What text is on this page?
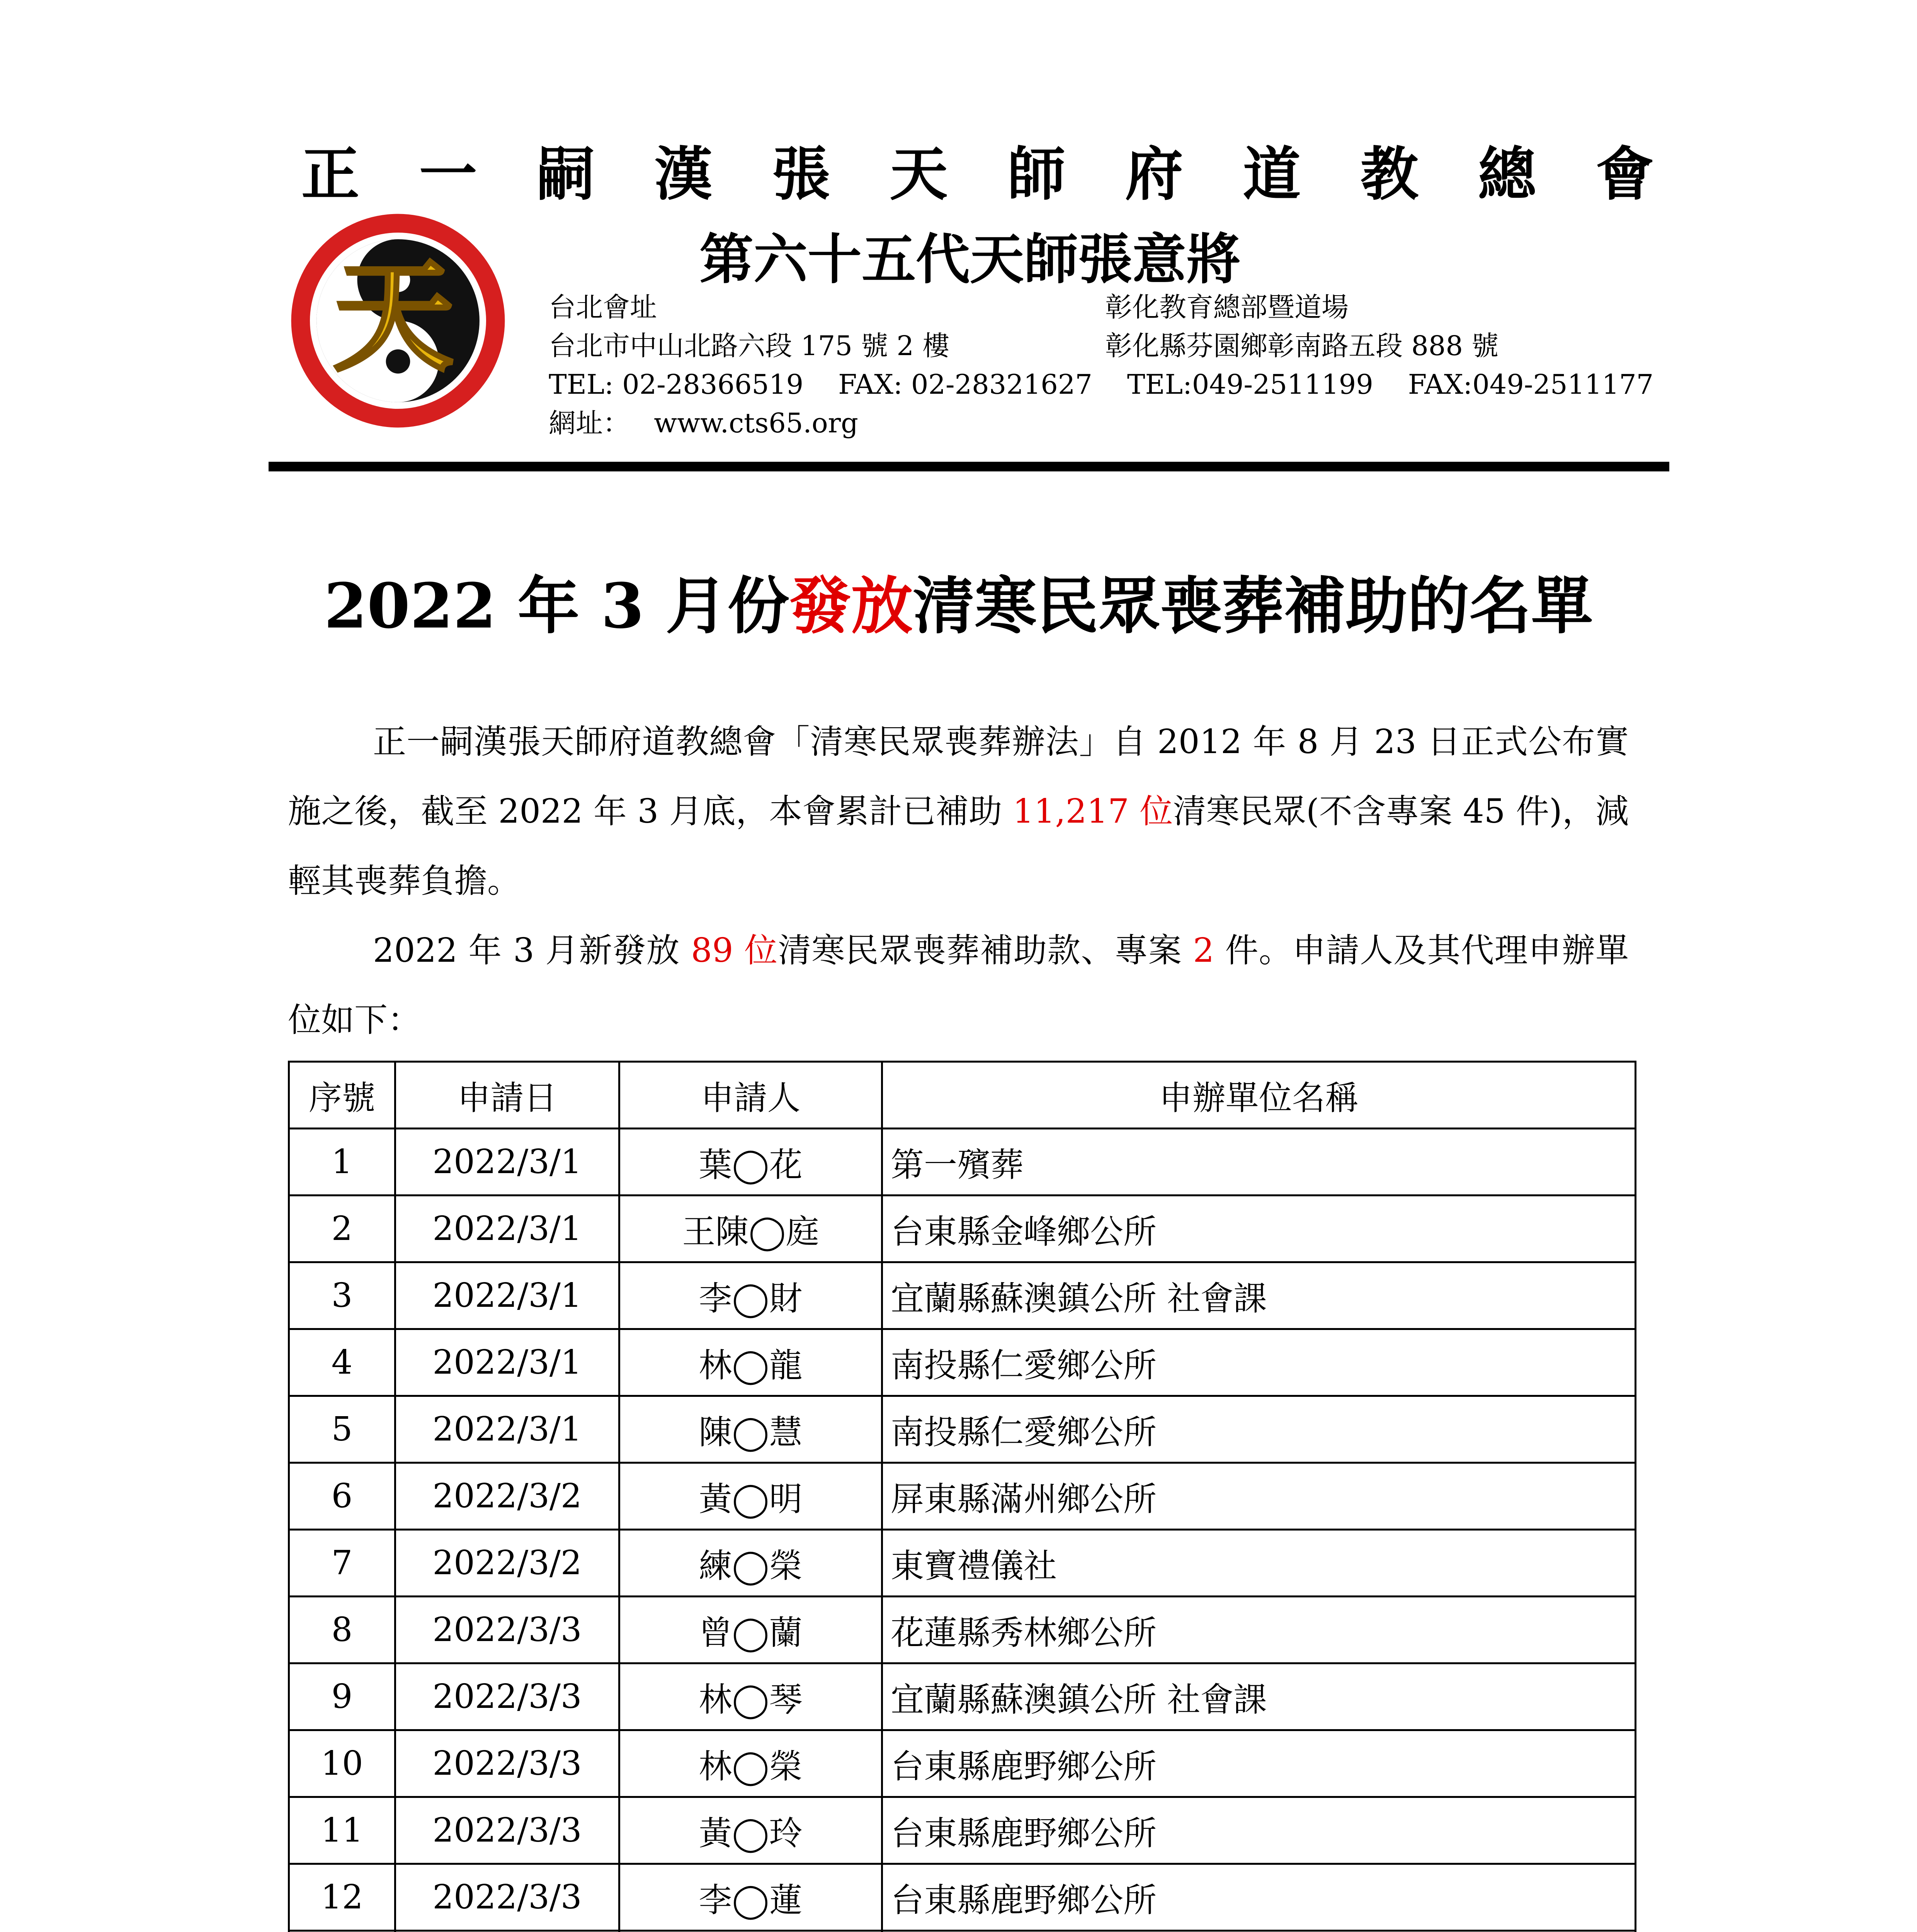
正 一 嗣 漢 張 天 師 府 道 教 總 會
天	第六十五代天師張意將
台北會址
台北市中山北路六段 175 號 2 樓
彰化教育總部暨道場
彰化縣芬園鄉彰南路五段 888 號
TEL: 02-28366519 FAX: 02-28321627 TEL:049-2511199 FAX:049-2511177
網址： www.cts65.org
2022 年 3 月份發放清寒民眾喪葬補助的名單
正一嗣漢張天師府道教總會「清寒民眾喪葬辦法」自 2012 年 8 月 23 日正式公布實施之後，截至 2022 年 3 月底，本會累計已補助 11,217 位清寒民眾(不含專案 45 件)，減輕其喪葬負擔。
2022 年 3 月新發放 89 位清寒民眾喪葬補助款、專案 2 件。申請人及其代理申辦單位如下：
序號	申請日	申請人	申辦單位名稱
1	2022/3/1	葉◯花	第一殯葬
2	2022/3/1	王陳◯庭	台東縣金峰鄉公所
3	2022/3/1	李◯財	宜蘭縣蘇澳鎮公所 社會課
4	2022/3/1	林◯龍	南投縣仁愛鄉公所
5	2022/3/1	陳◯慧	南投縣仁愛鄉公所
6	2022/3/2	黃◯明	屏東縣滿州鄉公所
7	2022/3/2	練◯榮	東寶禮儀社
8	2022/3/3	曾◯蘭	花蓮縣秀林鄉公所
9	2022/3/3	林◯琴	宜蘭縣蘇澳鎮公所 社會課
10	2022/3/3	林◯榮	台東縣鹿野鄉公所
11	2022/3/3	黃◯玲	台東縣鹿野鄉公所
12	2022/3/3	李◯蓮	台東縣鹿野鄉公所
